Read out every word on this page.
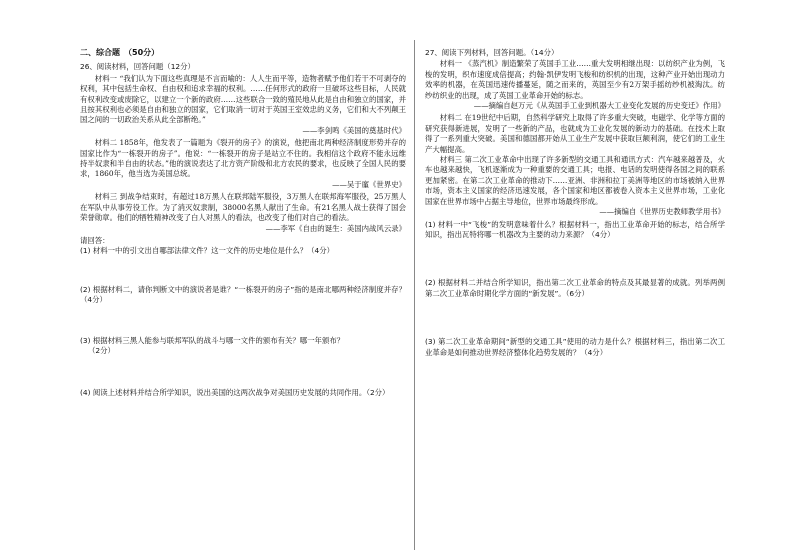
二、综合题　（50分）
26、阅读材料，回答问题（12分）

材料一 “我们认为下面这些真理是不言而喻的：人人生而平等，造物者赋予他们若干不可剥夺的权利，其中包括生命权、自由权和追求幸福的权利。……任何形式的政府一旦破坏这些目标，人民就有权利改变或废除它，以建立一个新的政府……这些联合一致的殖民地从此是自由和独立的国家，并且按其权利也必须是自由和独立的国家，它们取消一切对于英国王室效忠的义务，它们和大不列颠王国之间的一切政治关系从此全部断绝。”

——李剑鸣《美国的奠基时代》

材料二 1858年，他发表了一篇题为《裂开的房子》的演说，他把南北两种经济制度形势并存的国家比作为“一栋裂开的房子”。他说：“一栋裂开的房子是站立不住的。我相信这个政府不能永远维持半奴隶和半自由的状态。”他的演说表达了北方资产阶级和北方农民的要求，也反映了全国人民的要求，1860年，他当选为美国总统。

——吴于廑《世界史》

材料三 到战争结束时，有超过18万黑人在联邦陆军服役，3万黑人在联邦海军服役，25万黑人在军队中从事劳役工作。为了消灭奴隶制，38000名黑人献出了生命。有21名黑人战士获得了国会荣誉勋章。他们的牺牲精神改变了白人对黑人的看法，也改变了他们对自己的看法。

——李军《自由的诞生：美国内战风云录》
请回答：
(1) 材料一中的引文出自哪部法律文件？这一文件的历史地位是什么？（4分）
(2) 根据材料二，请你判断文中的演说者是谁？“一栋裂开的房子”指的是南北哪两种经济制度并存？（4分）
(3) 根据材料三黑人能参与联邦军队的战斗与哪一文件的颁布有关？哪一年颁布？
（2分）
(4) 阅读上述材料并结合所学知识，说出美国的这两次战争对美国历史发展的共同作用。（2分）
27、阅读下列材料，回答问题。（14分）

材料一 《蒸汽机》制造繁荣了英国手工业……重大发明相继出现：以纺织产业为例，飞梭的发明，织布速度成倍提高；约翰·凯伊发明飞梭和纺织机的出现，这种产业开始出现动力效率的机器，在英国迅速传播蔓延，随之而来的，英国至少有2万架手摇纺纱机被淘汰。纺纱纺织业的出现，成了英国工业革命开始的标志。

——摘编自赵万元《从英国手工业到机器大工业变化发展的历史变迁》作用》

材料二 在19世纪中后期，自然科学研究上取得了许多重大突破，电磁学、化学等方面的研究获得新进展，发明了一些新的产品，也就成为工业化发展的新动力的基础。在技术上取得了一系列重大突破。美国和德国都开始从工业生产发展中获取巨额利润，使它们的工业生产大幅提高。

材料三 第二次工业革命中出现了许多新型的交通工具和通讯方式：汽车越来越普及，火车也越来越快，飞机逐渐成为一种重要的交通工具；电报、电话的发明使得各国之间的联系更加紧密。在第二次工业革命的推动下……亚洲、非洲和拉丁美洲等地区的市场被纳入世界市场，资本主义国家的经济迅速发展，各个国家和地区都被卷入资本主义世界市场，工业化国家在世界市场中占据主导地位，世界市场最终形成。

——摘编自《世界历史教师教学用书》
(1) 材料一中“飞梭”的发明意味着什么？根据材料一，指出工业革命开始的标志，结合所学知识，指出瓦特将哪一机器改为主要的动力来源？（4分）
(2) 根据材料二并结合所学知识，指出第二次工业革命的特点及其最显著的成就。列举两例第二次工业革命时期化学方面的“新发展”。（6分）
(3) 第二次工业革命期间“新型的交通工具”使用的动力是什么？根据材料三，指出第二次工业革命是如何推动世界经济整体化趋势发展的？（4分）
